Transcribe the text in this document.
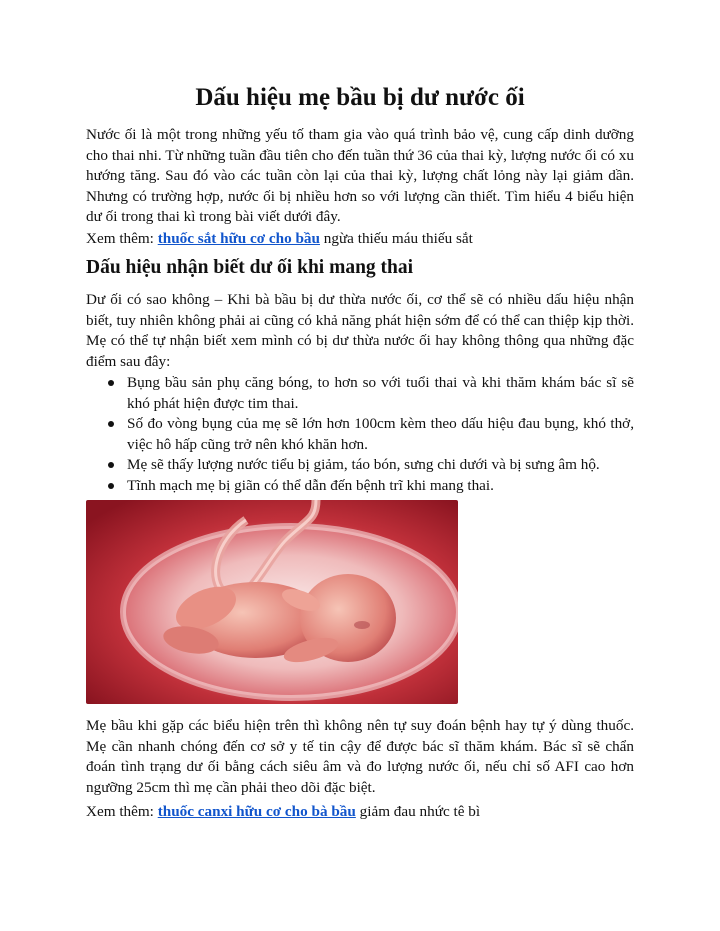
Dấu hiệu mẹ bầu bị dư nước ối

Nước ối là một trong những yếu tố tham gia vào quá trình bảo vệ, cung cấp dinh dưỡng cho thai nhi. Từ những tuần đầu tiên cho đến tuần thứ 36 của thai kỳ, lượng nước ối có xu hướng tăng. Sau đó vào các tuần còn lại của thai kỳ, lượng chất lỏng này lại giảm dần. Nhưng có trường hợp, nước ối bị nhiều hơn so với lượng cần thiết. Tìm hiểu 4 biểu hiện dư ối trong thai kì trong bài viết dưới đây.

Xem thêm: thuốc sắt hữu cơ cho bầu ngừa thiếu máu thiếu sắt

Dấu hiệu nhận biết dư ối khi mang thai

Dư ối có sao không – Khi bà bầu bị dư thừa nước ối, cơ thể sẽ có nhiều dấu hiệu nhận biết, tuy nhiên không phải ai cũng có khả năng phát hiện sớm để có thể can thiệp kịp thời. Mẹ có thể tự nhận biết xem mình có bị dư thừa nước ối hay không thông qua những đặc điểm sau đây:

Bụng bầu sản phụ căng bóng, to hơn so với tuổi thai và khi thăm khám bác sĩ sẽ khó phát hiện được tim thai.
Số đo vòng bụng của mẹ sẽ lớn hơn 100cm kèm theo dấu hiệu đau bụng, khó thở, việc hô hấp cũng trở nên khó khăn hơn.
Mẹ sẽ thấy lượng nước tiểu bị giảm, táo bón, sưng chi dưới và bị sưng âm hộ.
Tĩnh mạch mẹ bị giãn có thể dẫn đến bệnh trĩ khi mang thai.

Mẹ bầu khi gặp các biểu hiện trên thì không nên tự suy đoán bệnh hay tự ý dùng thuốc. Mẹ cần nhanh chóng đến cơ sở y tế tin cậy để được bác sĩ thăm khám. Bác sĩ sẽ chẩn đoán tình trạng dư ối bằng cách siêu âm và đo lượng nước ối, nếu chỉ số AFI cao hơn ngưỡng 25cm thì mẹ cần phải theo dõi đặc biệt.

Xem thêm: thuốc canxi hữu cơ cho bà bầu giảm đau nhức tê bì
